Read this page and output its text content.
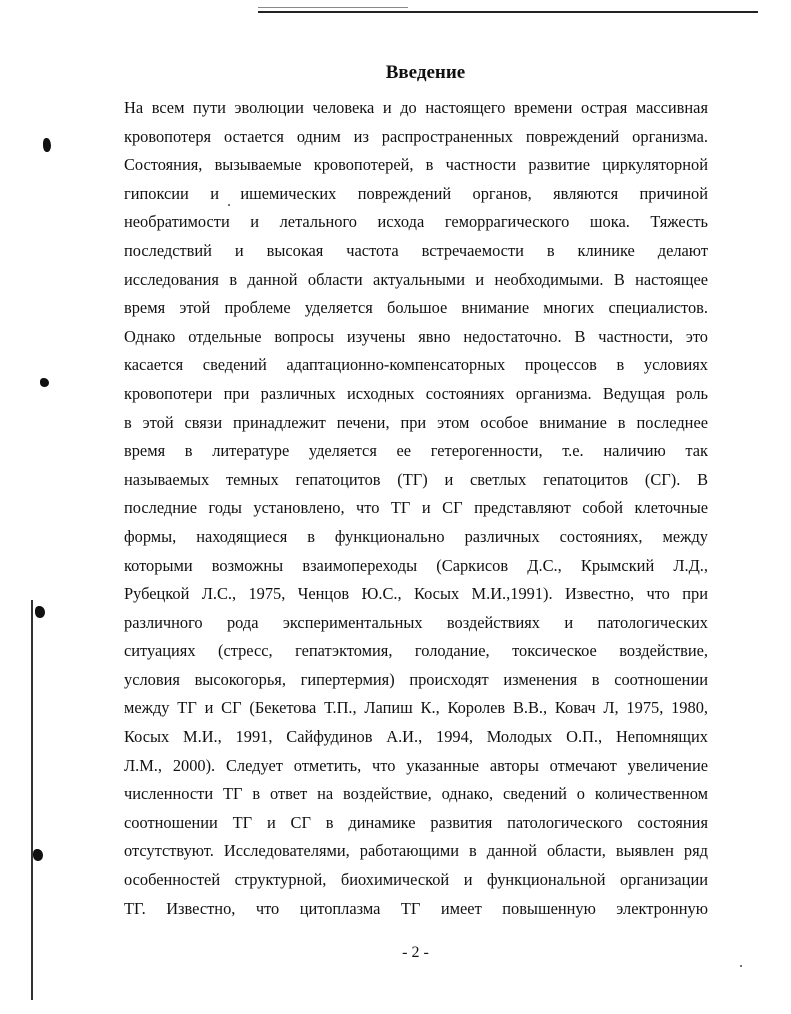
Введение
На всем пути эволюции человека и до настоящего времени острая массивная
кровопотеря остается одним из распространенных повреждений организма.
Состояния, вызываемые кровопотерей, в частности развитие циркуляторной
гипоксии и ишемических повреждений органов, являются причиной
необратимости и летального исхода геморрагического шока. Тяжесть
последствий и высокая частота встречаемости в клинике делают
исследования в данной области актуальными и необходимыми. В настоящее
время этой проблеме уделяется большое внимание многих специалистов.
Однако отдельные вопросы изучены явно недостаточно. В частности, это
касается сведений адаптационно-компенсаторных процессов в условиях
кровопотери при различных исходных состояниях организма. Ведущая роль
в этой связи принадлежит печени, при этом особое внимание в последнее
время в литературе уделяется ее гетерогенности, т.е. наличию так
называемых темных гепатоцитов (ТГ) и светлых гепатоцитов (СГ). В
последние годы установлено, что ТГ и СГ представляют собой клеточные
формы, находящиеся в функционально различных состояниях, между
которыми возможны взаимопереходы (Саркисов Д.С., Крымский Л.Д.,
Рубецкой Л.С., 1975, Ченцов Ю.С., Косых М.И.,1991). Известно, что при
различного рода экспериментальных воздействиях и патологических
ситуациях (стресс, гепатэктомия, голодание, токсическое воздействие,
условия высокогорья, гипертермия) происходят изменения в соотношении
между ТГ и СГ (Бекетова Т.П., Лапиш К., Королев В.В., Ковач Л, 1975, 1980,
Косых М.И., 1991, Сайфудинов А.И., 1994, Молодых О.П., Непомнящих
Л.М., 2000). Следует отметить, что указанные авторы отмечают увеличение
численности ТГ в ответ на воздействие, однако, сведений о количественном
соотношении ТГ и СГ в динамике развития патологического состояния
отсутствуют. Исследователями, работающими в данной области, выявлен ряд
особенностей структурной, биохимической и функциональной организации
ТГ. Известно, что цитоплазма ТГ имеет повышенную электронную
- 2 -
